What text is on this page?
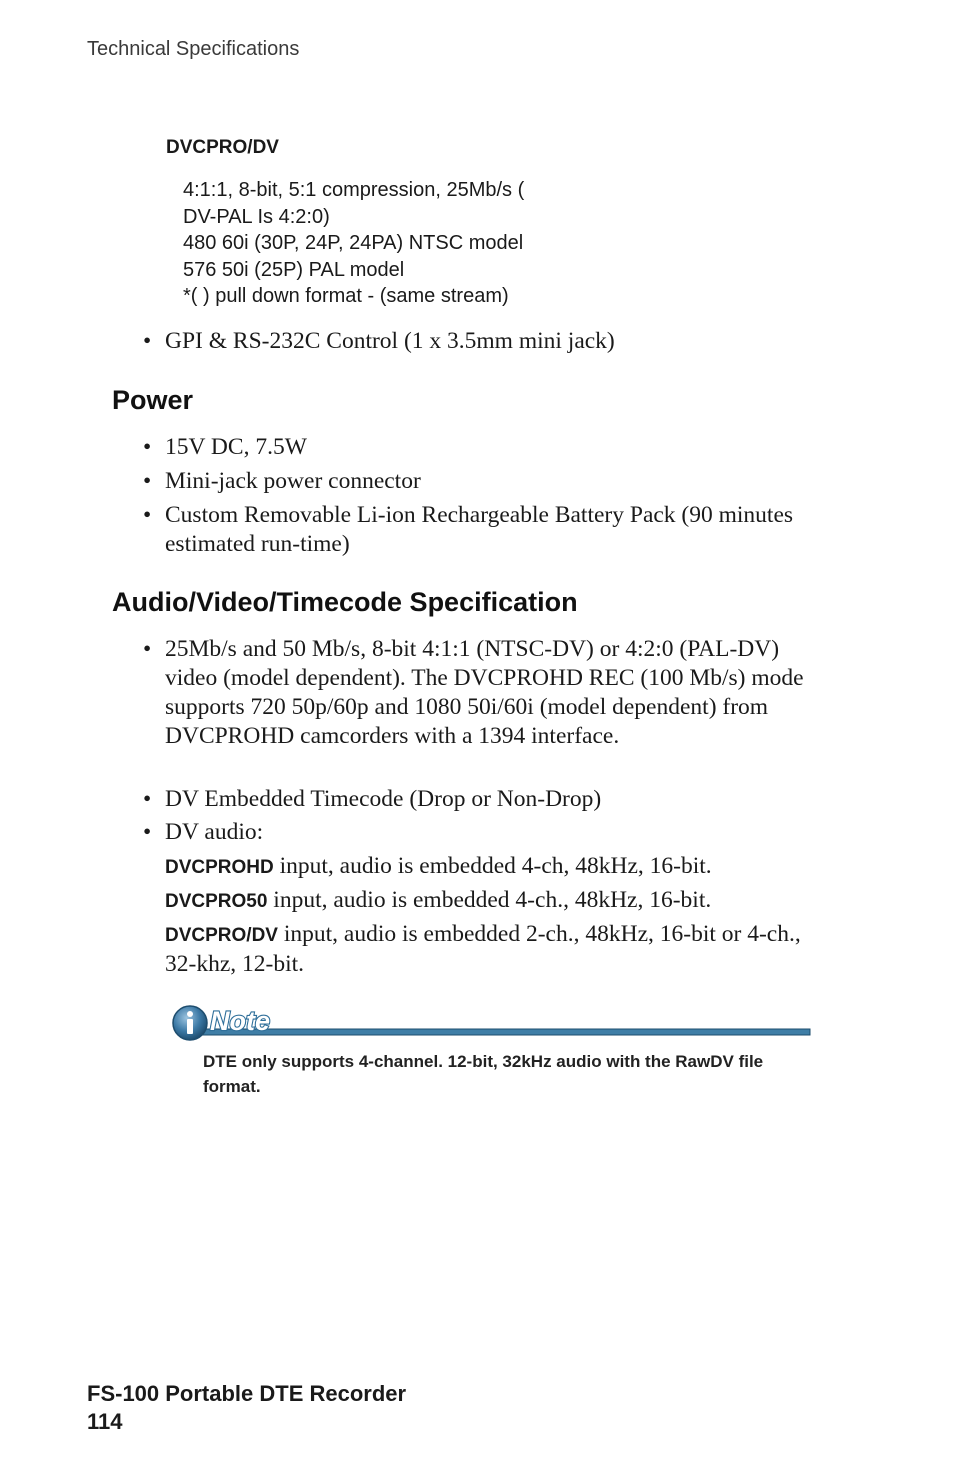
Technical Specifications
DVCPRO/DV
4:1:1, 8-bit, 5:1 compression, 25Mb/s (
DV-PAL Is 4:2:0)
480 60i (30P, 24P, 24PA) NTSC model
576 50i (25P) PAL model
*( ) pull down format - (same stream)
• GPI & RS-232C Control (1 x 3.5mm mini jack)
Power
• 15V DC, 7.5W
• Mini-jack power connector
• Custom Removable Li-ion Rechargeable Battery Pack (90 minutes estimated run-time)
Audio/Video/Timecode Specification
• 25Mb/s and 50 Mb/s, 8-bit 4:1:1 (NTSC-DV) or 4:2:0 (PAL-DV) video (model dependent). The DVCPROHD REC (100 Mb/s) mode supports 720 50p/60p and 1080 50i/60i (model dependent) from DVCPROHD camcorders with a 1394 interface.
• DV Embedded Timecode (Drop or Non-Drop)
• DV audio:
DVCPROHD input, audio is embedded 4-ch, 48kHz, 16-bit.
DVCPRO50 input, audio is embedded 4-ch., 48kHz, 16-bit.
DVCPRO/DV input, audio is embedded 2-ch., 48kHz, 16-bit or 4-ch., 32-khz, 12-bit.
Note
DTE only supports 4-channel. 12-bit, 32kHz audio with the RawDV file format.
FS-100 Portable DTE Recorder
114
